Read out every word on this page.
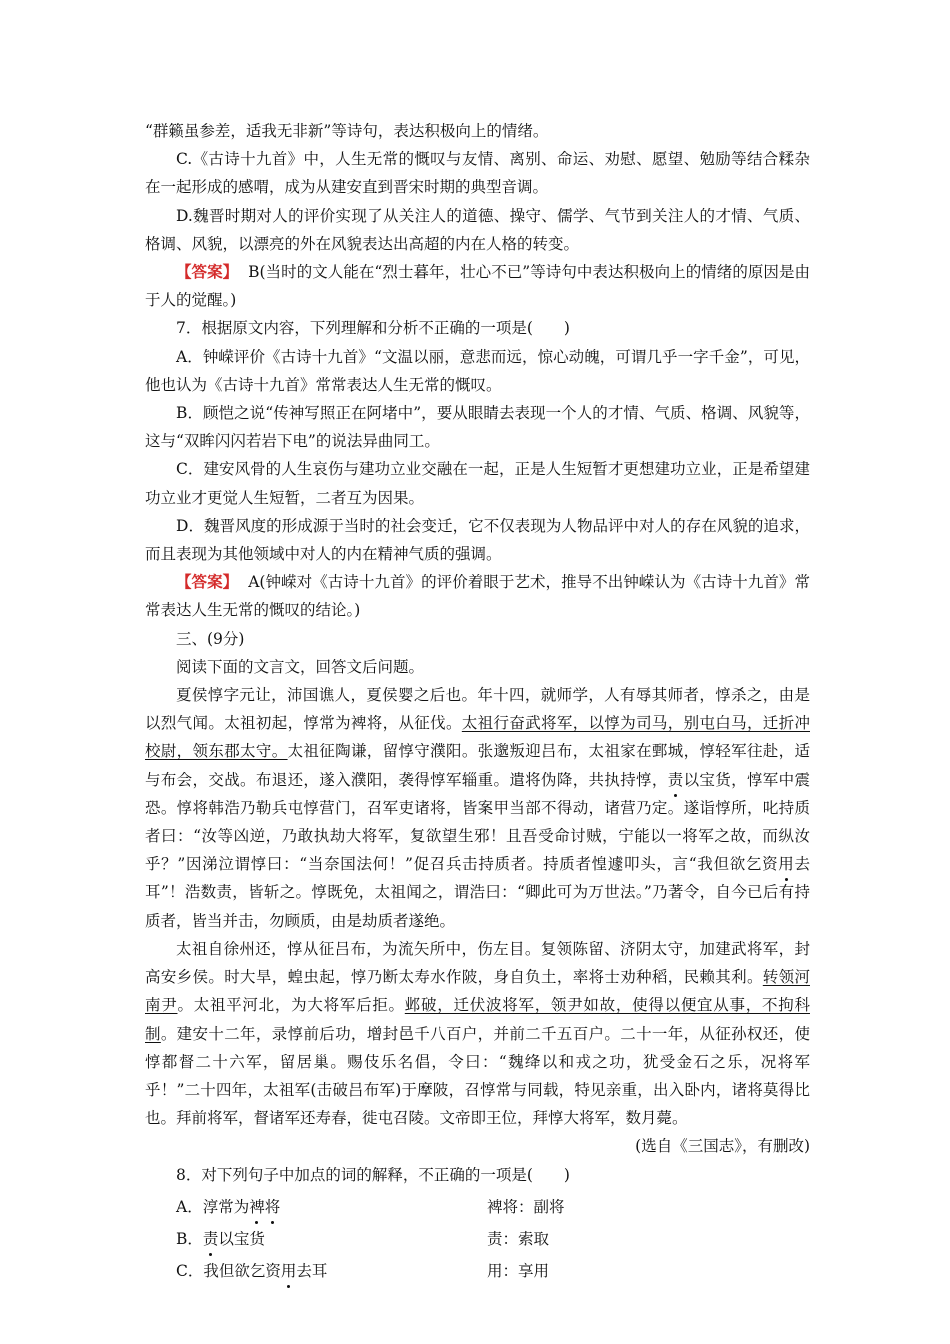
“群籁虽参差，适我无非新”等诗句，表达积极向上的情绪。

C.《古诗十九首》中，人生无常的慨叹与友情、离别、命运、劝慰、愿望、勉励等结合糅杂在一起形成的感喟，成为从建安直到晋宋时期的典型音调。

D.魏晋时期对人的评价实现了从关注人的道德、操守、儒学、气节到关注人的才情、气质、格调、风貌，以漂亮的外在风貌表达出高超的内在人格的转变。

【答案】 B(当时的文人能在“烈士暮年，壮心不已”等诗句中表达积极向上的情绪的原因是由于人的觉醒。)

7．根据原文内容，下列理解和分析不正确的一项是(　　)

A．钟嵘评价《古诗十九首》“文温以丽，意悲而远，惊心动魄，可谓几乎一字千金”，可见，他也认为《古诗十九首》常常表达人生无常的慨叹。

B．顾恺之说“传神写照正在阿堵中”，要从眼睛去表现一个人的才情、气质、格调、风貌等，这与“双眸闪闪若岩下电”的说法异曲同工。

C．建安风骨的人生哀伤与建功立业交融在一起，正是人生短暂才更想建功立业，正是希望建功立业才更觉人生短暂，二者互为因果。

D．魏晋风度的形成源于当时的社会变迁，它不仅表现为人物品评中对人的存在风貌的追求，而且表现为其他领域中对人的内在精神气质的强调。

【答案】 A(钟嵘对《古诗十九首》的评价着眼于艺术，推导不出钟嵘认为《古诗十九首》常常表达人生无常的慨叹的结论。)

三、(9分)

阅读下面的文言文，回答文后问题。

夏侯惇字元让，沛国谯人，夏侯婴之后也。年十四，就师学，人有辱其师者，惇杀之，由是以烈气闻。太祖初起，惇常为裨将，从征伐。太祖行奋武将军，以惇为司马，别屯白马，迁折冲校尉，领东郡太守。太祖征陶谦，留惇守濮阳。张邈叛迎吕布，太祖家在鄄城，惇轻军往赴，适与布会，交战。布退还，遂入濮阳，袭得惇军辎重。遣将伪降，共执持惇，责以宝货，惇军中震恐。惇将韩浩乃勒兵屯惇营门，召军吏诸将，皆案甲当部不得动，诸营乃定。遂诣惇所，叱持质者曰：“汝等凶逆，乃敢执劫大将军，复欲望生邪！且吾受命讨贼，宁能以一将军之故，而纵汝乎？”因涕泣谓惇曰：“当奈国法何！”促召兵击持质者。持质者惶遽叩头，言“我但欲乞资用去耳”！浩数责，皆斩之。惇既免，太祖闻之，谓浩曰：“卿此可为万世法。”乃著令，自今已后有持质者，皆当并击，勿顾质，由是劫质者遂绝。

太祖自徐州还，惇从征吕布，为流矢所中，伤左目。复领陈留、济阴太守，加建武将军，封高安乡侯。时大旱，蝗虫起，惇乃断太寿水作陂，身自负土，率将士劝种稻，民赖其利。转领河南尹。太祖平河北，为大将军后拒。邺破，迁伏波将军，领尹如故，使得以便宜从事，不拘科制。建安十二年，录惇前后功，增封邑千八百户，并前二千五百户。二十一年，从征孙权还，使惇都督二十六军，留居巢。赐伎乐名倡，令曰：“魏绛以和戎之功，犹受金石之乐，况将军乎！”二十四年，太祖军(击破吕布军)于摩陂，召惇常与同载，特见亲重，出入卧内，诸将莫得比也。拜前将军，督诸军还寿春，徙屯召陵。文帝即王位，拜惇大将军，数月薨。

(选自《三国志》，有删改)

8．对下列句子中加点的词的解释，不正确的一项是(　　)

A．淳常为裨将	裨将：副将
B．责以宝货	责：索取
C．我但欲乞资用去耳	用：享用
